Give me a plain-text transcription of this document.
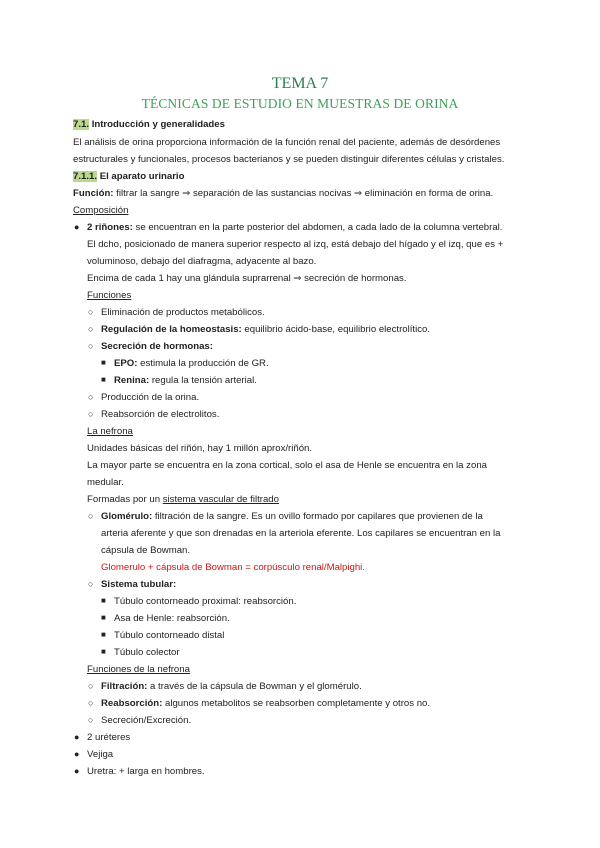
TEMA 7
TÉCNICAS DE ESTUDIO EN MUESTRAS DE ORINA
7.1. Introducción y generalidades
El análisis de orina proporciona información de la función renal del paciente, además de desórdenes
estructurales y funcionales, procesos bacterianos y se pueden distinguir diferentes células y cristales.
7.1.1. El aparato urinario
Función: filtrar la sangre ⇒ separación de las sustancias nocivas ⇒ eliminación en forma de orina.
Composición
● 2 riñones: se encuentran en la parte posterior del abdomen, a cada lado de la columna vertebral.
El dcho, posicionado de manera superior respecto al izq, está debajo del hígado y el izq, que es +
voluminoso, debajo del diafragma, adyacente al bazo.
Encima de cada 1 hay una glándula suprarrenal ⇒ secreción de hormonas.
Funciones
○ Eliminación de productos metabólicos.
○ Regulación de la homeostasis: equilibrio ácido-base, equilibrio electrolítico.
○ Secreción de hormonas:
■ EPO: estimula la producción de GR.
■ Renina: regula la tensión arterial.
○ Producción de la orina.
○ Reabsorción de electrolitos.
La nefrona
Unidades básicas del riñón, hay 1 millón aprox/riñón.
La mayor parte se encuentra en la zona cortical, solo el asa de Henle se encuentra en la zona
medular.
Formadas por un sistema vascular de filtrado
○ Glomérulo: filtración de la sangre. Es un ovillo formado por capilares que provienen de la
arteria aferente y que son drenadas en la arteriola eferente. Los capilares se encuentran en la
cápsula de Bowman.
Glomerulo + cápsula de Bowman = corpúsculo renal/Malpighi.
○ Sistema tubular:
■ Túbulo contorneado proximal: reabsorción.
■ Asa de Henle: reabsorción.
■ Túbulo contorneado distal
■ Túbulo colector
Funciones de la nefrona
○ Filtración: a través de la cápsula de Bowman y el glomérulo.
○ Reabsorción: algunos metabolitos se reabsorben completamente y otros no.
○ Secreción/Excreción.
● 2 uréteres
● Vejiga
● Uretra: + larga en hombres.
